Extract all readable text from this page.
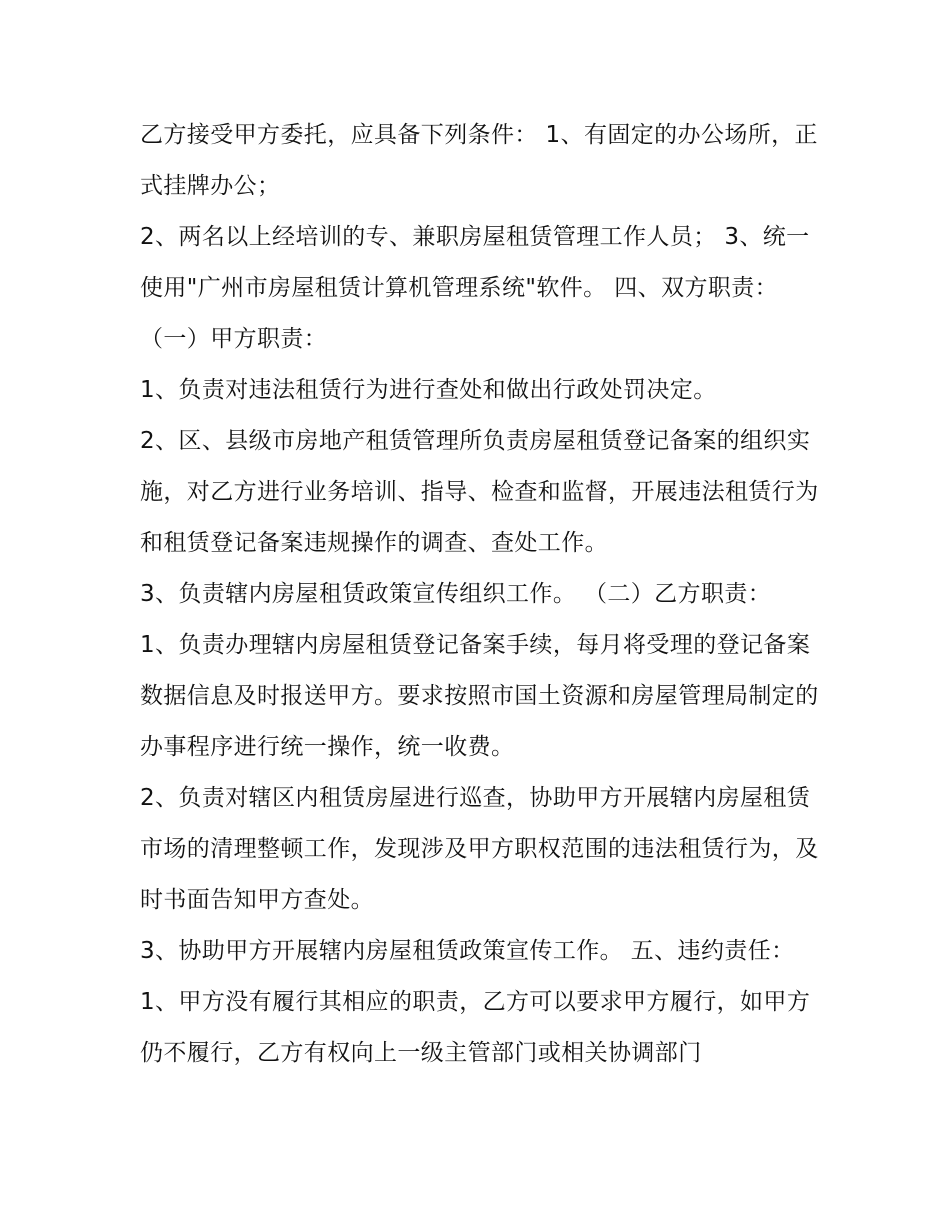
乙方接受甲方委托，应具备下列条件： 1、有固定的办公场所，正式挂牌办公；

2、两名以上经培训的专、兼职房屋租赁管理工作人员； 3、统一使用"广州市房屋租赁计算机管理系统"软件。 四、双方职责： （一）甲方职责：

1、负责对违法租赁行为进行查处和做出行政处罚决定。

2、区、县级市房地产租赁管理所负责房屋租赁登记备案的组织实施，对乙方进行业务培训、指导、检查和监督，开展违法租赁行为和租赁登记备案违规操作的调查、查处工作。

3、负责辖内房屋租赁政策宣传组织工作。 （二）乙方职责：

1、负责办理辖内房屋租赁登记备案手续，每月将受理的登记备案数据信息及时报送甲方。要求按照市国土资源和房屋管理局制定的办事程序进行统一操作，统一收费。

2、负责对辖区内租赁房屋进行巡查，协助甲方开展辖内房屋租赁市场的清理整顿工作，发现涉及甲方职权范围的违法租赁行为，及时书面告知甲方查处。

3、协助甲方开展辖内房屋租赁政策宣传工作。 五、违约责任：

1、甲方没有履行其相应的职责，乙方可以要求甲方履行，如甲方仍不履行，乙方有权向上一级主管部门或相关协调部门
